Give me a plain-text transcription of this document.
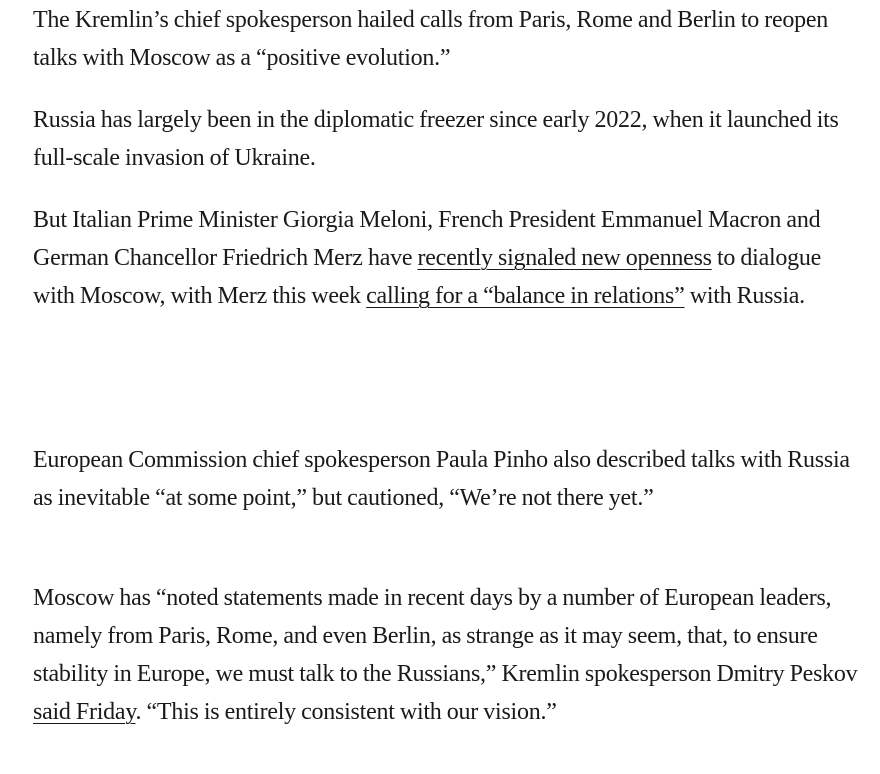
The Kremlin’s chief spokesperson hailed calls from Paris, Rome and Berlin to reopen talks with Moscow as a “positive evolution.”

Russia has largely been in the diplomatic freezer since early 2022, when it launched its full-scale invasion of Ukraine.

But Italian Prime Minister Giorgia Meloni, French President Emmanuel Macron and German Chancellor Friedrich Merz have recently signaled new openness to dialogue with Moscow, with Merz this week calling for a “balance in relations” with Russia.

European Commission chief spokesperson Paula Pinho also described talks with Russia as inevitable “at some point,” but cautioned, “We’re not there yet.”

Moscow has “noted statements made in recent days by a number of European leaders, namely from Paris, Rome, and even Berlin, as strange as it may seem, that, to ensure stability in Europe, we must talk to the Russians,” Kremlin spokesperson Dmitry Peskov said Friday. “This is entirely consistent with our vision.”
